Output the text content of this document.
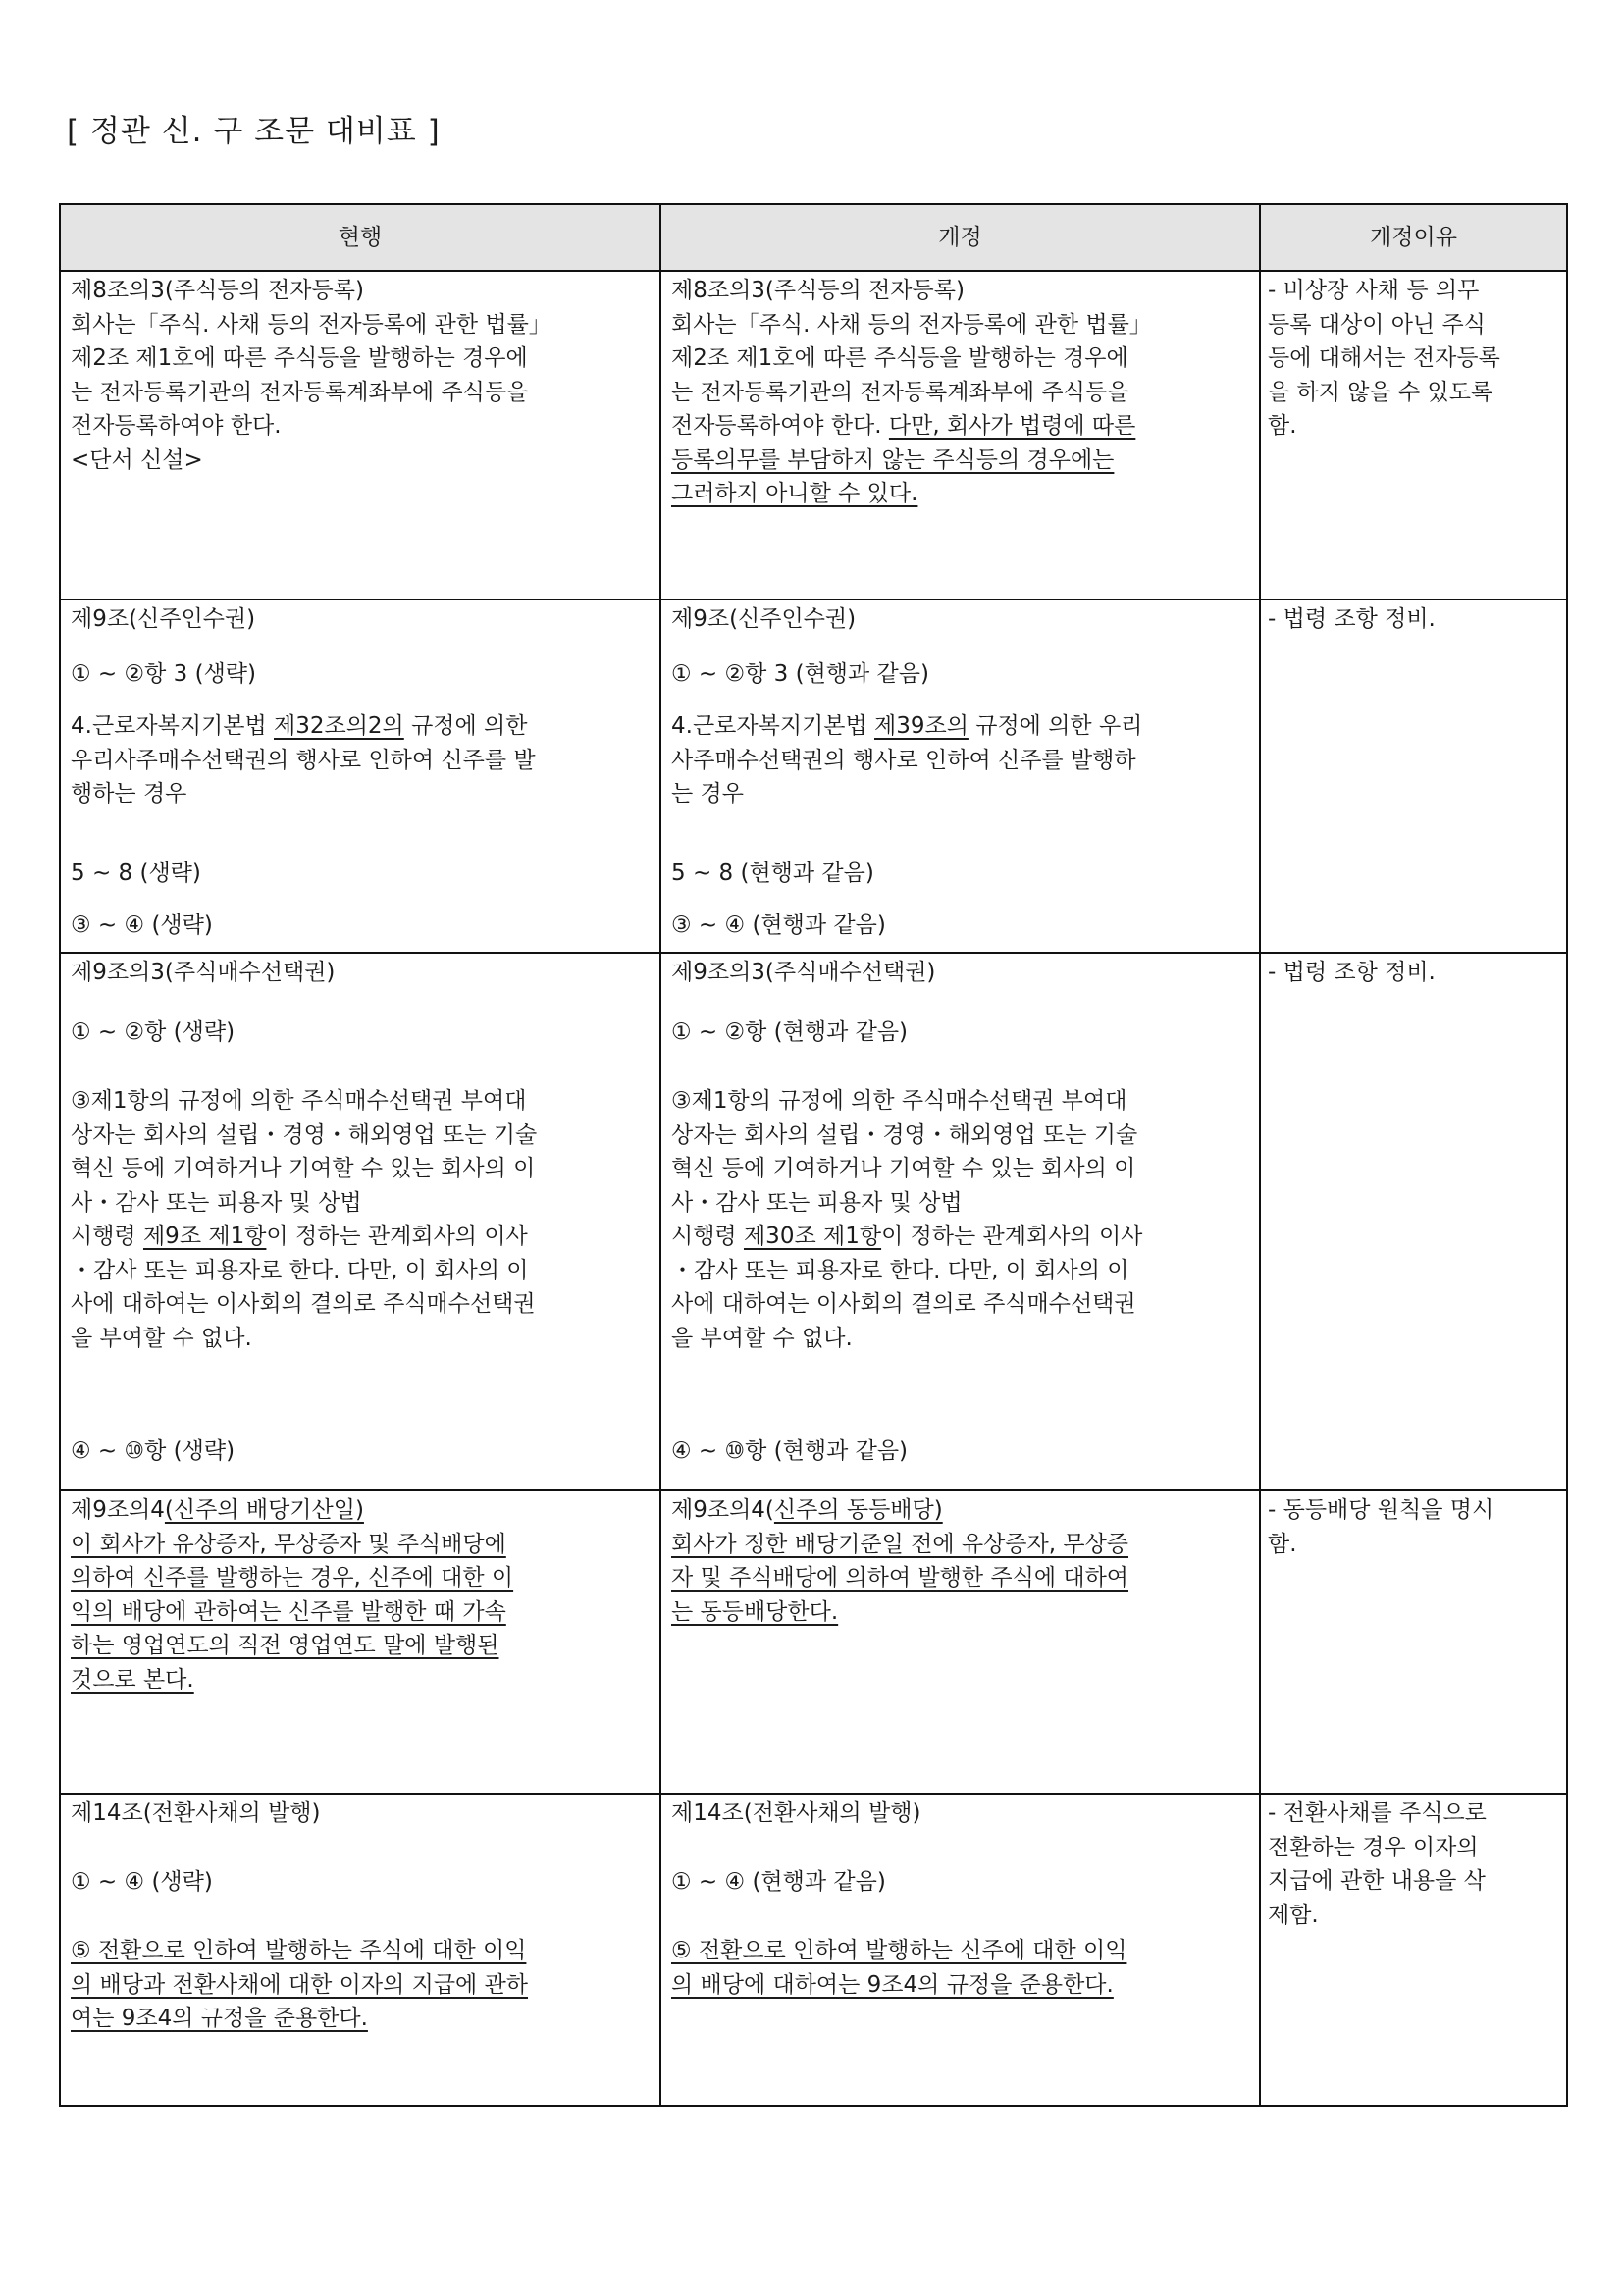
[ 정관 신. 구 조문 대비표 ]
현행	개정	개정이유
제8조의3(주식등의 전자등록)
회사는「주식. 사채 등의 전자등록에 관한 법률」
제2조 제1호에 따른 주식등을 발행하는 경우에
는 전자등록기관의 전자등록계좌부에 주식등을
전자등록하여야 한다.
<단서 신설>
제8조의3(주식등의 전자등록)
회사는「주식. 사채 등의 전자등록에 관한 법률」
제2조 제1호에 따른 주식등을 발행하는 경우에
는 전자등록기관의 전자등록계좌부에 주식등을
전자등록하여야 한다. 다만, 회사가 법령에 따른
등록의무를 부담하지 않는 주식등의 경우에는
그러하지 아니할 수 있다.
- 비상장 사채 등 의무
등록 대상이 아닌 주식
등에 대해서는 전자등록
을 하지 않을 수 있도록
함.
제9조(신주인수권)
① ~ ②항 3 (생략)
4.근로자복지기본법 제32조의2의 규정에 의한
우리사주매수선택권의 행사로 인하여 신주를 발
행하는 경우
5 ~ 8 (생략)
③ ~ ④ (생략)
제9조(신주인수권)
① ~ ②항 3 (현행과 같음)
4.근로자복지기본법 제39조의 규정에 의한 우리
사주매수선택권의 행사로 인하여 신주를 발행하
는 경우
5 ~ 8 (현행과 같음)
③ ~ ④ (현행과 같음)
- 법령 조항 정비.
제9조의3(주식매수선택권)
① ~ ②항 (생략)
③제1항의 규정에 의한 주식매수선택권 부여대
상자는 회사의 설립・경영・해외영업 또는 기술
혁신 등에 기여하거나 기여할 수 있는 회사의 이
사・감사 또는 피용자 및 상법
시행령 제9조 제1항이 정하는 관계회사의 이사
・감사 또는 피용자로 한다. 다만, 이 회사의 이
사에 대하여는 이사회의 결의로 주식매수선택권
을 부여할 수 없다.
④ ~ ⑩항 (생략)
제9조의3(주식매수선택권)
① ~ ②항 (현행과 같음)
③제1항의 규정에 의한 주식매수선택권 부여대
상자는 회사의 설립・경영・해외영업 또는 기술
혁신 등에 기여하거나 기여할 수 있는 회사의 이
사・감사 또는 피용자 및 상법
시행령 제30조 제1항이 정하는 관계회사의 이사
・감사 또는 피용자로 한다. 다만, 이 회사의 이
사에 대하여는 이사회의 결의로 주식매수선택권
을 부여할 수 없다.
④ ~ ⑩항 (현행과 같음)
- 법령 조항 정비.
제9조의4(신주의 배당기산일)
이 회사가 유상증자, 무상증자 및 주식배당에
의하여 신주를 발행하는 경우, 신주에 대한 이
익의 배당에 관하여는 신주를 발행한 때 가속
하는 영업연도의 직전 영업연도 말에 발행된
것으로 본다.
제9조의4(신주의 동등배당)
회사가 정한 배당기준일 전에 유상증자, 무상증
자 및 주식배당에 의하여 발행한 주식에 대하여
는 동등배당한다.
- 동등배당 원칙을 명시
함.
제14조(전환사채의 발행)
① ~ ④ (생략)
⑤ 전환으로 인하여 발행하는 주식에 대한 이익
의 배당과 전환사채에 대한 이자의 지급에 관하
여는 9조4의 규정을 준용한다.
제14조(전환사채의 발행)
① ~ ④ (현행과 같음)
⑤ 전환으로 인하여 발행하는 신주에 대한 이익
의 배당에 대하여는 9조4의 규정을 준용한다.
- 전환사채를 주식으로
전환하는 경우 이자의
지급에 관한 내용을 삭
제함.
